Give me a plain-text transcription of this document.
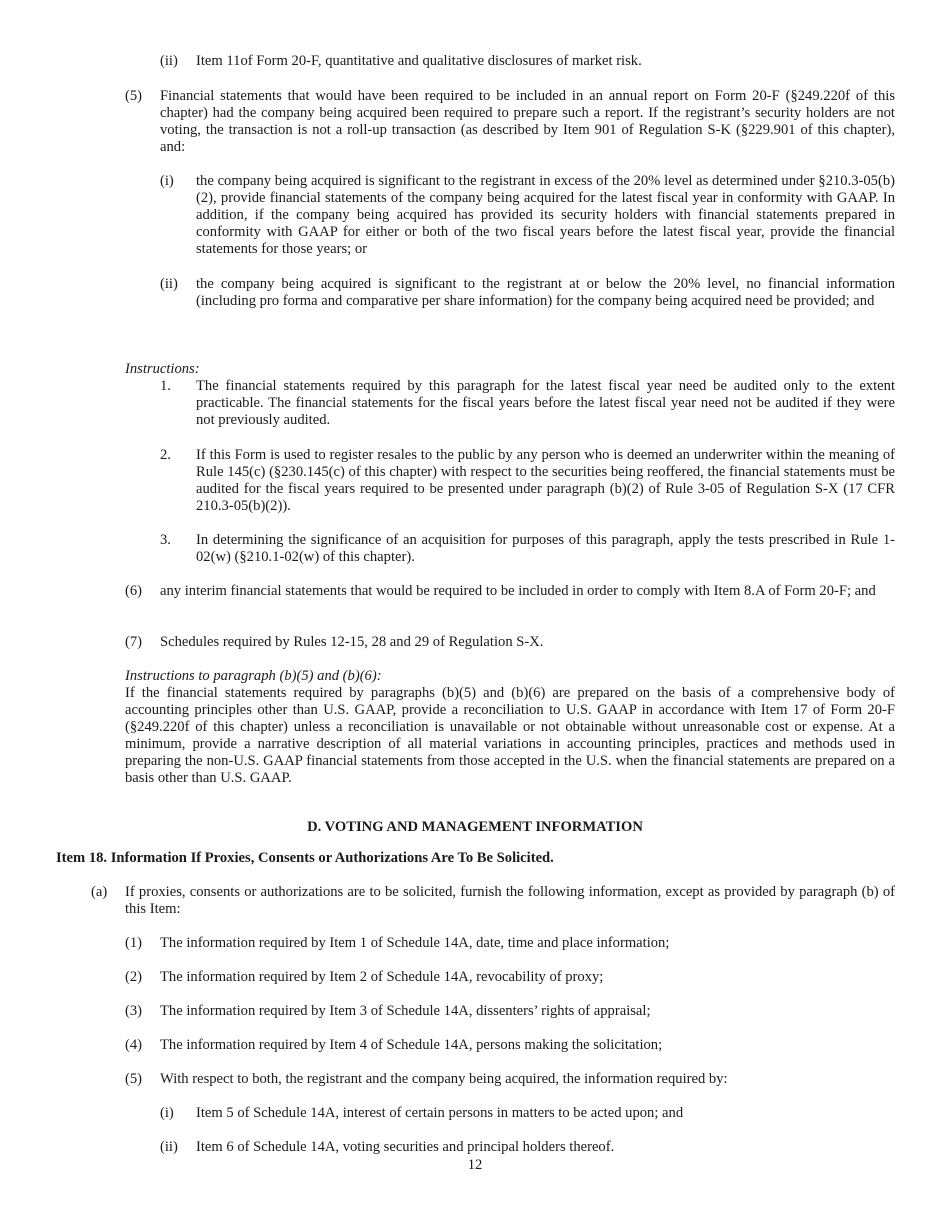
(ii)	Item 11of Form 20-F, quantitative and qualitative disclosures of market risk.
(5)	Financial statements that would have been required to be included in an annual report on Form 20-F (§249.220f of this chapter) had the company being acquired been required to prepare such a report. If the registrant’s security holders are not voting, the transaction is not a roll-up transaction (as described by Item 901 of Regulation S-K (§229.901 of this chapter), and:
(i)	the company being acquired is significant to the registrant in excess of the 20% level as determined under §210.3-05(b)(2), provide financial statements of the company being acquired for the latest fiscal year in conformity with GAAP. In addition, if the company being acquired has provided its security holders with financial statements prepared in conformity with GAAP for either or both of the two fiscal years before the latest fiscal year, provide the financial statements for those years; or
(ii)	the company being acquired is significant to the registrant at or below the 20% level, no financial information (including pro forma and comparative per share information) for the company being acquired need be provided; and
Instructions:
1.	The financial statements required by this paragraph for the latest fiscal year need be audited only to the extent practicable. The financial statements for the fiscal years before the latest fiscal year need not be audited if they were not previously audited.
2.	If this Form is used to register resales to the public by any person who is deemed an underwriter within the meaning of Rule 145(c) (§230.145(c) of this chapter) with respect to the securities being reoffered, the financial statements must be audited for the fiscal years required to be presented under paragraph (b)(2) of Rule 3-05 of Regulation S-X (17 CFR 210.3-05(b)(2)).
3.	In determining the significance of an acquisition for purposes of this paragraph, apply the tests prescribed in Rule 1-02(w) (§210.1-02(w) of this chapter).
(6)	any interim financial statements that would be required to be included in order to comply with Item 8.A of Form 20-F; and
(7)	Schedules required by Rules 12-15, 28 and 29 of Regulation S-X.
Instructions to paragraph (b)(5) and (b)(6):
If the financial statements required by paragraphs (b)(5) and (b)(6) are prepared on the basis of a comprehensive body of accounting principles other than U.S. GAAP, provide a reconciliation to U.S. GAAP in accordance with Item 17 of Form 20-F (§249.220f of this chapter) unless a reconciliation is unavailable or not obtainable without unreasonable cost or expense. At a minimum, provide a narrative description of all material variations in accounting principles, practices and methods used in preparing the non-U.S. GAAP financial statements from those accepted in the U.S. when the financial statements are prepared on a basis other than U.S. GAAP.
D. VOTING AND MANAGEMENT INFORMATION
Item 18. Information If Proxies, Consents or Authorizations Are To Be Solicited.
(a)	If proxies, consents or authorizations are to be solicited, furnish the following information, except as provided by paragraph (b) of this Item:
(1)	The information required by Item 1 of Schedule 14A, date, time and place information;
(2)	The information required by Item 2 of Schedule 14A, revocability of proxy;
(3)	The information required by Item 3 of Schedule 14A, dissenters’ rights of appraisal;
(4)	The information required by Item 4 of Schedule 14A, persons making the solicitation;
(5)	With respect to both, the registrant and the company being acquired, the information required by:
(i)	Item 5 of Schedule 14A, interest of certain persons in matters to be acted upon; and
(ii)	Item 6 of Schedule 14A, voting securities and principal holders thereof.
12
